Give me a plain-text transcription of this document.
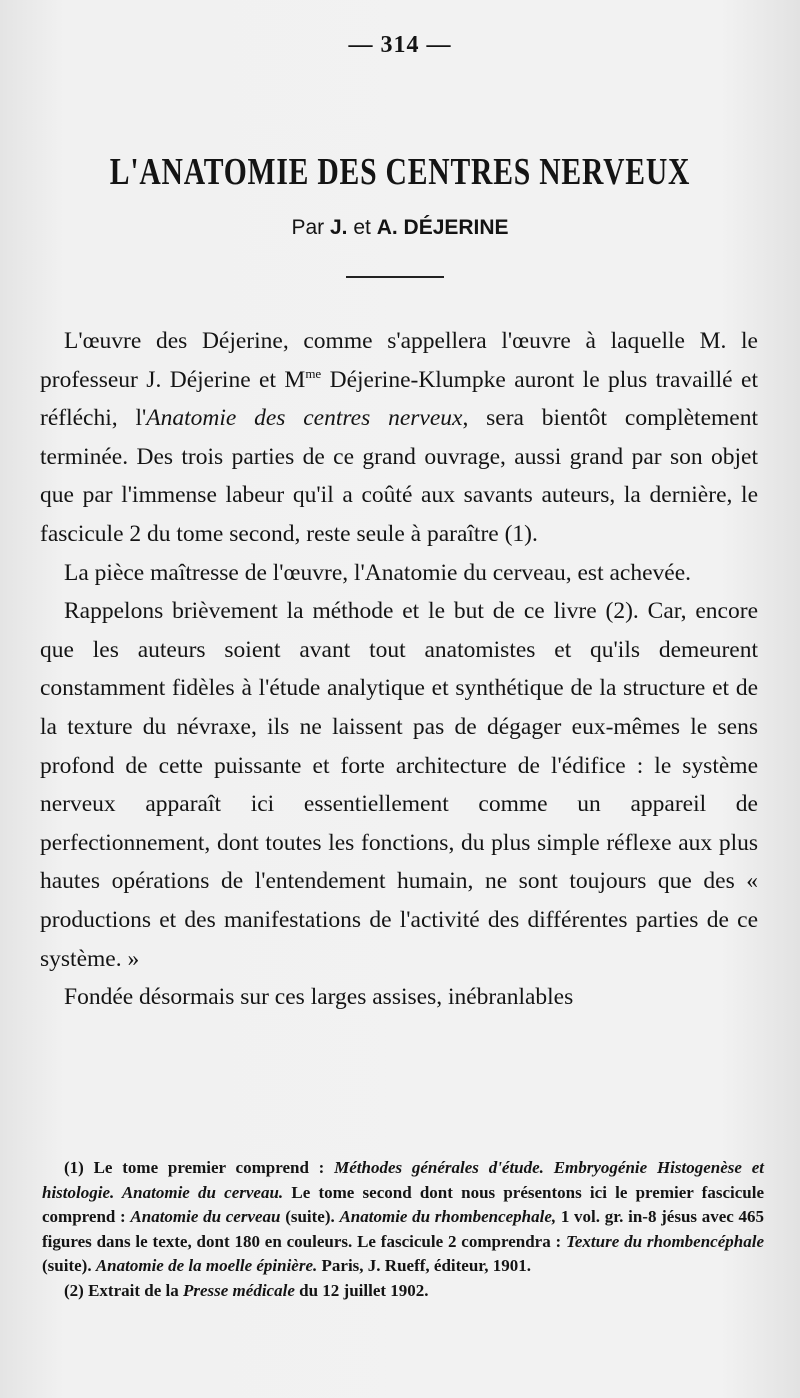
— 314 —
L'ANATOMIE DES CENTRES NERVEUX
Par J. et A. DÉJERINE

L'œuvre des Déjerine, comme s'appellera l'œuvre à laquelle M. le professeur J. Déjerine et $M^{me}$ Déjerine-Klumpke auront le plus travaillé et réfléchi, l'Anatomie des centres nerveux, sera bientôt complètement terminée. Des trois parties de ce grand ouvrage, aussi grand par son objet que par l'immense labeur qu'il a coûté aux savants auteurs, la dernière, le fascicule 2 du tome second, reste seule à paraître (1).

La pièce maîtresse de l'œuvre, l'Anatomie du cerveau, est achevée.

Rappelons brièvement la méthode et le but de ce livre (2). Car, encore que les auteurs soient avant tout anatomistes et qu'ils demeurent constamment fidèles à l'étude analytique et synthétique de la structure et de la texture du névraxe, ils ne laissent pas de dégager eux-mêmes le sens profond de cette puissante et forte architecture de l'édifice : le système nerveux apparaît ici essentiellement comme un appareil de perfectionnement, dont toutes les fonctions, du plus simple réflexe aux plus hautes opérations de l'entendement humain, ne sont toujours que des « productions et des manifestations de l'activité des différentes parties de ce système. »

Fondée désormais sur ces larges assises, inébranlables

(1) Le tome premier comprend : Méthodes générales d'étude. Embryogénie Histogenèse et histologie. Anatomie du cerveau. Le tome second dont nous présentons ici le premier fascicule comprend : Anatomie du cerveau (suite). Anatomie du rhombencephale, 1 vol. gr. in-8 jésus avec 465 figures dans le texte, dont 180 en couleurs. Le fascicule 2 comprendra : Texture du rhombencéphale (suite). Anatomie de la moelle épinière. Paris, J. Rueff, éditeur, 1901.

(2) Extrait de la Presse médicale du 12 juillet 1902.
